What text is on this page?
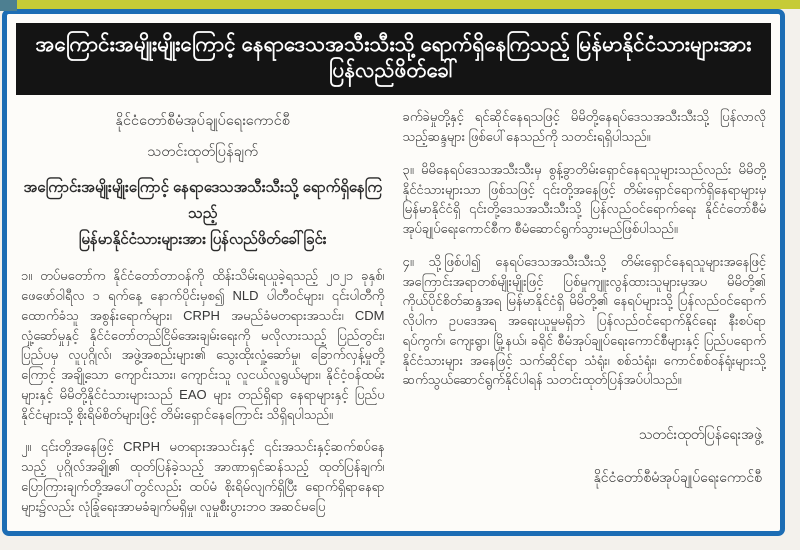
အကြောင်းအမျိုးမျိုးကြောင့် နေရာဒေသအသီးသီးသို့ ရောက်ရှိနေကြသည့် မြန်မာနိုင်ငံသားများအား ပြန်လည်ဖိတ်ခေါ်
နိုင်ငံတော်စီမံအုပ်ချုပ်ရေးကောင်စီ
သတင်းထုတ်ပြန်ချက်
အကြောင်းအမျိုးမျိုးကြောင့် နေရာဒေသအသီးသီးသို့ ရောက်ရှိနေကြသည့်
မြန်မာနိုင်ငံသားများအား ပြန်လည်ဖိတ်ခေါ်ခြင်း
၁။ တပ်မတော်က နိုင်ငံတော်တာဝန်ကို ထိန်းသိမ်းရယူခဲ့ရသည့် ၂၀၂၁ ခုနှစ်၊ ဖေဖော်ဝါရီလ ၁ ရက်နေ့ နောက်ပိုင်းမှစ၍ NLD ပါတီဝင်များ၊ ၎င်းပါတီကို ထောက်ခံသူ အစွန်းရောက်များ၊ CRPH အမည်ခံမတရားအသင်း၊ CDM လှုံ့ဆော်မှုနှင့် နိုင်ငံတော်တည်ငြိမ်အေးချမ်းရေးကို မလိုလားသည့် ပြည်တွင်း၊ ပြည်ပမှ လူပုဂ္ဂိုလ်၊ အဖွဲ့အစည်းများ၏ သွေးထိုးလှုံ့ဆော်မှု၊ ခြောက်လှန့်မှုတို့ကြောင့် အချို့သော ကျောင်းသား၊ ကျောင်းသူ လူငယ်လူရွယ်များ၊ နိုင်ငံ့ဝန်ထမ်းများနှင့် မိမိတို့နိုင်ငံသားများသည် EAO များ တည်ရှိရာ နေရာများနှင့် ပြည်ပနိုင်ငံများသို့ စိုးရိမ်စိတ်များဖြင့် တိမ်းရှောင်နေကြောင်း သိရှိရပါသည်။
၂။ ၎င်းတို့အနေဖြင့် CRPH မတရားအသင်းနှင့် ၎င်းအသင်းနှင့်ဆက်စပ်နေသည့် ပုဂ္ဂိုလ်အချို့၏ ထုတ်ပြန်ခဲ့သည့် အာဏာရှင်ဆန်သည့် ထုတ်ပြန်ချက်၊ ပြောကြားချက်တို့အပေါ်တွင်လည်း ထပ်မံ စိုးရိမ်လျက်ရှိပြီး ရောက်ရှိရာနေရာများ၌လည်း လုံခြုံရေးအာမခံချက်မရှိမှု၊ လူမှုစီးပွားဘဝ အဆင်မပြေ
ခက်ခဲမှုတို့နှင့် ရင်ဆိုင်နေရသဖြင့် မိမိတို့နေရပ်ဒေသအသီးသီးသို့ ပြန်လာလိုသည့်ဆန္ဒများ ဖြစ်ပေါ်နေသည်ကို သတင်းရရှိပါသည်။
၃။ မိမိနေရပ်ဒေသအသီးသီးမှ စွန့်ခွာတိမ်းရှောင်နေရသူများသည်လည်း မိမိတို့နိုင်ငံသားများသာ ဖြစ်သဖြင့် ၎င်းတို့အနေဖြင့် တိမ်းရှောင်ရောက်ရှိနေရာများမှ မြန်မာနိုင်ငံရှိ ၎င်းတို့ဒေသအသီးသီးသို့ ပြန်လည်ဝင်ရောက်ရေး နိုင်ငံတော်စီမံအုပ်ချုပ်ရေးကောင်စီက စီမံဆောင်ရွက်သွားမည်ဖြစ်ပါသည်။
၄။ သို့ဖြစ်ပါ၍ နေရပ်ဒေသအသီးသီးသို့ တိမ်းရှောင်နေရသူများအနေဖြင့် အကြောင်းအရာတစ်မျိုးမျိုးဖြင့် ပြစ်မှုကျူးလွန်ထားသူများမှအပ မိမိတို့၏ ကိုယ်ပိုင်စိတ်ဆန္ဒအရ မြန်မာနိုင်ငံရှိ မိမိတို့၏ နေရပ်များသို့ ပြန်လည်ဝင်ရောက်လိုပါက ဥပဒေအရ အရေးယူမှုမရှိဘဲ ပြန်လည်ဝင်ရောက်နိုင်ရေး နီးစပ်ရာ ရပ်ကွက်၊ ကျေးရွာ၊ မြို့နယ်၊ ခရိုင် စီမံအုပ်ချုပ်ရေးကောင်စီများနှင့် ပြည်ပရောက်နိုင်ငံသားများ အနေဖြင့် သက်ဆိုင်ရာ သံရုံး၊ စစ်သံရုံး၊ ကောင်စစ်ဝန်ရုံးများသို့ ဆက်သွယ်ဆောင်ရွက်နိုင်ပါရန် သတင်းထုတ်ပြန်အပ်ပါသည်။
သတင်းထုတ်ပြန်ရေးအဖွဲ့
နိုင်ငံတော်စီမံအုပ်ချုပ်ရေးကောင်စီ
